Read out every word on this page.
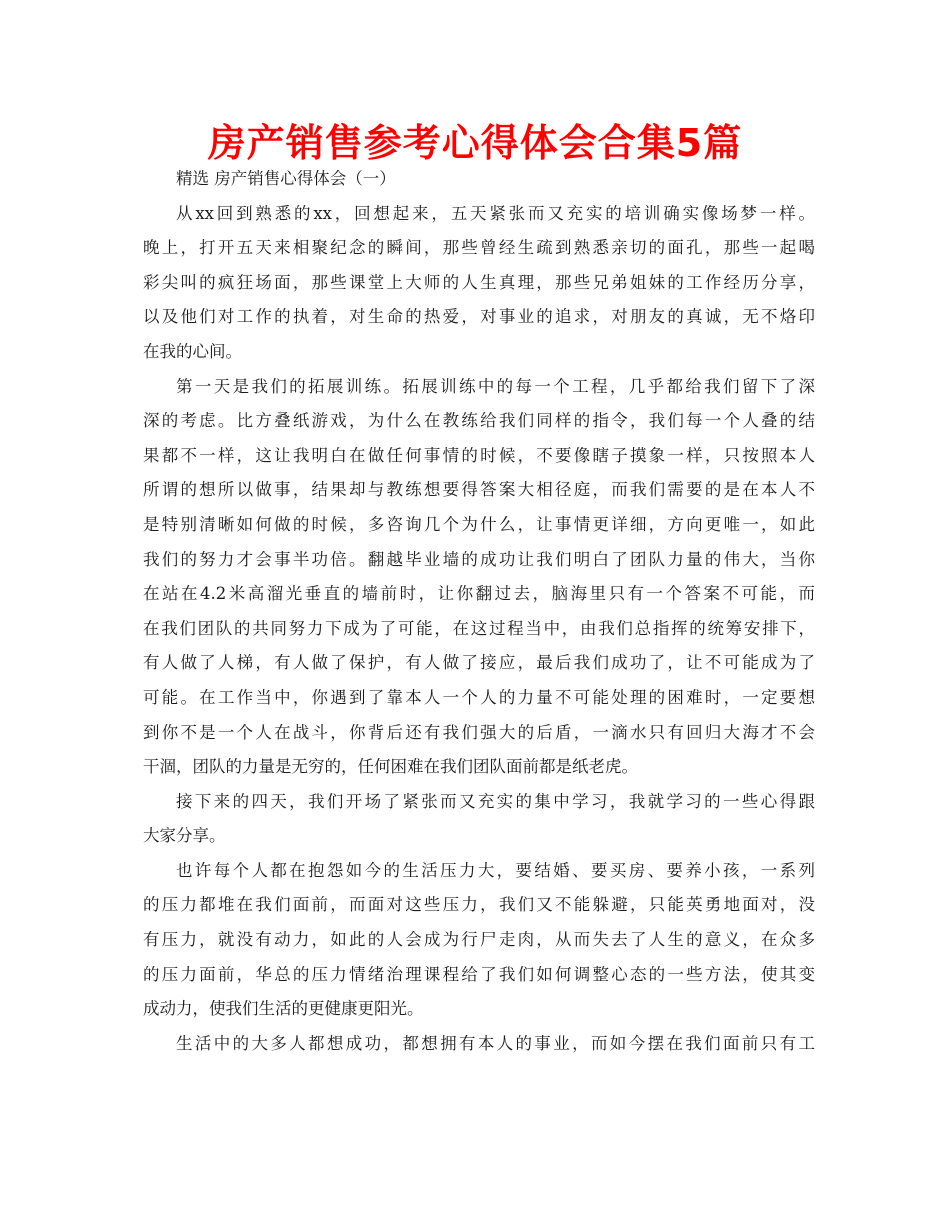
房产销售参考心得体会合集5篇
精选 房产销售心得体会（一）
从xx回到熟悉的xx，回想起来，五天紧张而又充实的培训确实像场梦一样。
晚上，打开五天来相聚纪念的瞬间，那些曾经生疏到熟悉亲切的面孔，那些一起喝
彩尖叫的疯狂场面，那些课堂上大师的人生真理，那些兄弟姐妹的工作经历分享，
以及他们对工作的执着，对生命的热爱，对事业的追求，对朋友的真诚，无不烙印
在我的心间。
第一天是我们的拓展训练。拓展训练中的每一个工程，几乎都给我们留下了深
深的考虑。比方叠纸游戏，为什么在教练给我们同样的指令，我们每一个人叠的结
果都不一样，这让我明白在做任何事情的时候，不要像瞎子摸象一样，只按照本人
所谓的想所以做事，结果却与教练想要得答案大相径庭，而我们需要的是在本人不
是特别清晰如何做的时候，多咨询几个为什么，让事情更详细，方向更唯一，如此
我们的努力才会事半功倍。翻越毕业墙的成功让我们明白了团队力量的伟大，当你
在站在4.2米高溜光垂直的墙前时，让你翻过去，脑海里只有一个答案不可能，而
在我们团队的共同努力下成为了可能，在这过程当中，由我们总指挥的统筹安排下，
有人做了人梯，有人做了保护，有人做了接应，最后我们成功了，让不可能成为了
可能。在工作当中，你遇到了靠本人一个人的力量不可能处理的困难时，一定要想
到你不是一个人在战斗，你背后还有我们强大的后盾，一滴水只有回归大海才不会
干涸，团队的力量是无穷的，任何困难在我们团队面前都是纸老虎。
接下来的四天，我们开场了紧张而又充实的集中学习，我就学习的一些心得跟
大家分享。
也许每个人都在抱怨如今的生活压力大，要结婚、要买房、要养小孩，一系列
的压力都堆在我们面前，而面对这些压力，我们又不能躲避，只能英勇地面对，没
有压力，就没有动力，如此的人会成为行尸走肉，从而失去了人生的意义，在众多
的压力面前，华总的压力情绪治理课程给了我们如何调整心态的一些方法，使其变
成动力，使我们生活的更健康更阳光。
生活中的大多人都想成功，都想拥有本人的事业，而如今摆在我们面前只有工
